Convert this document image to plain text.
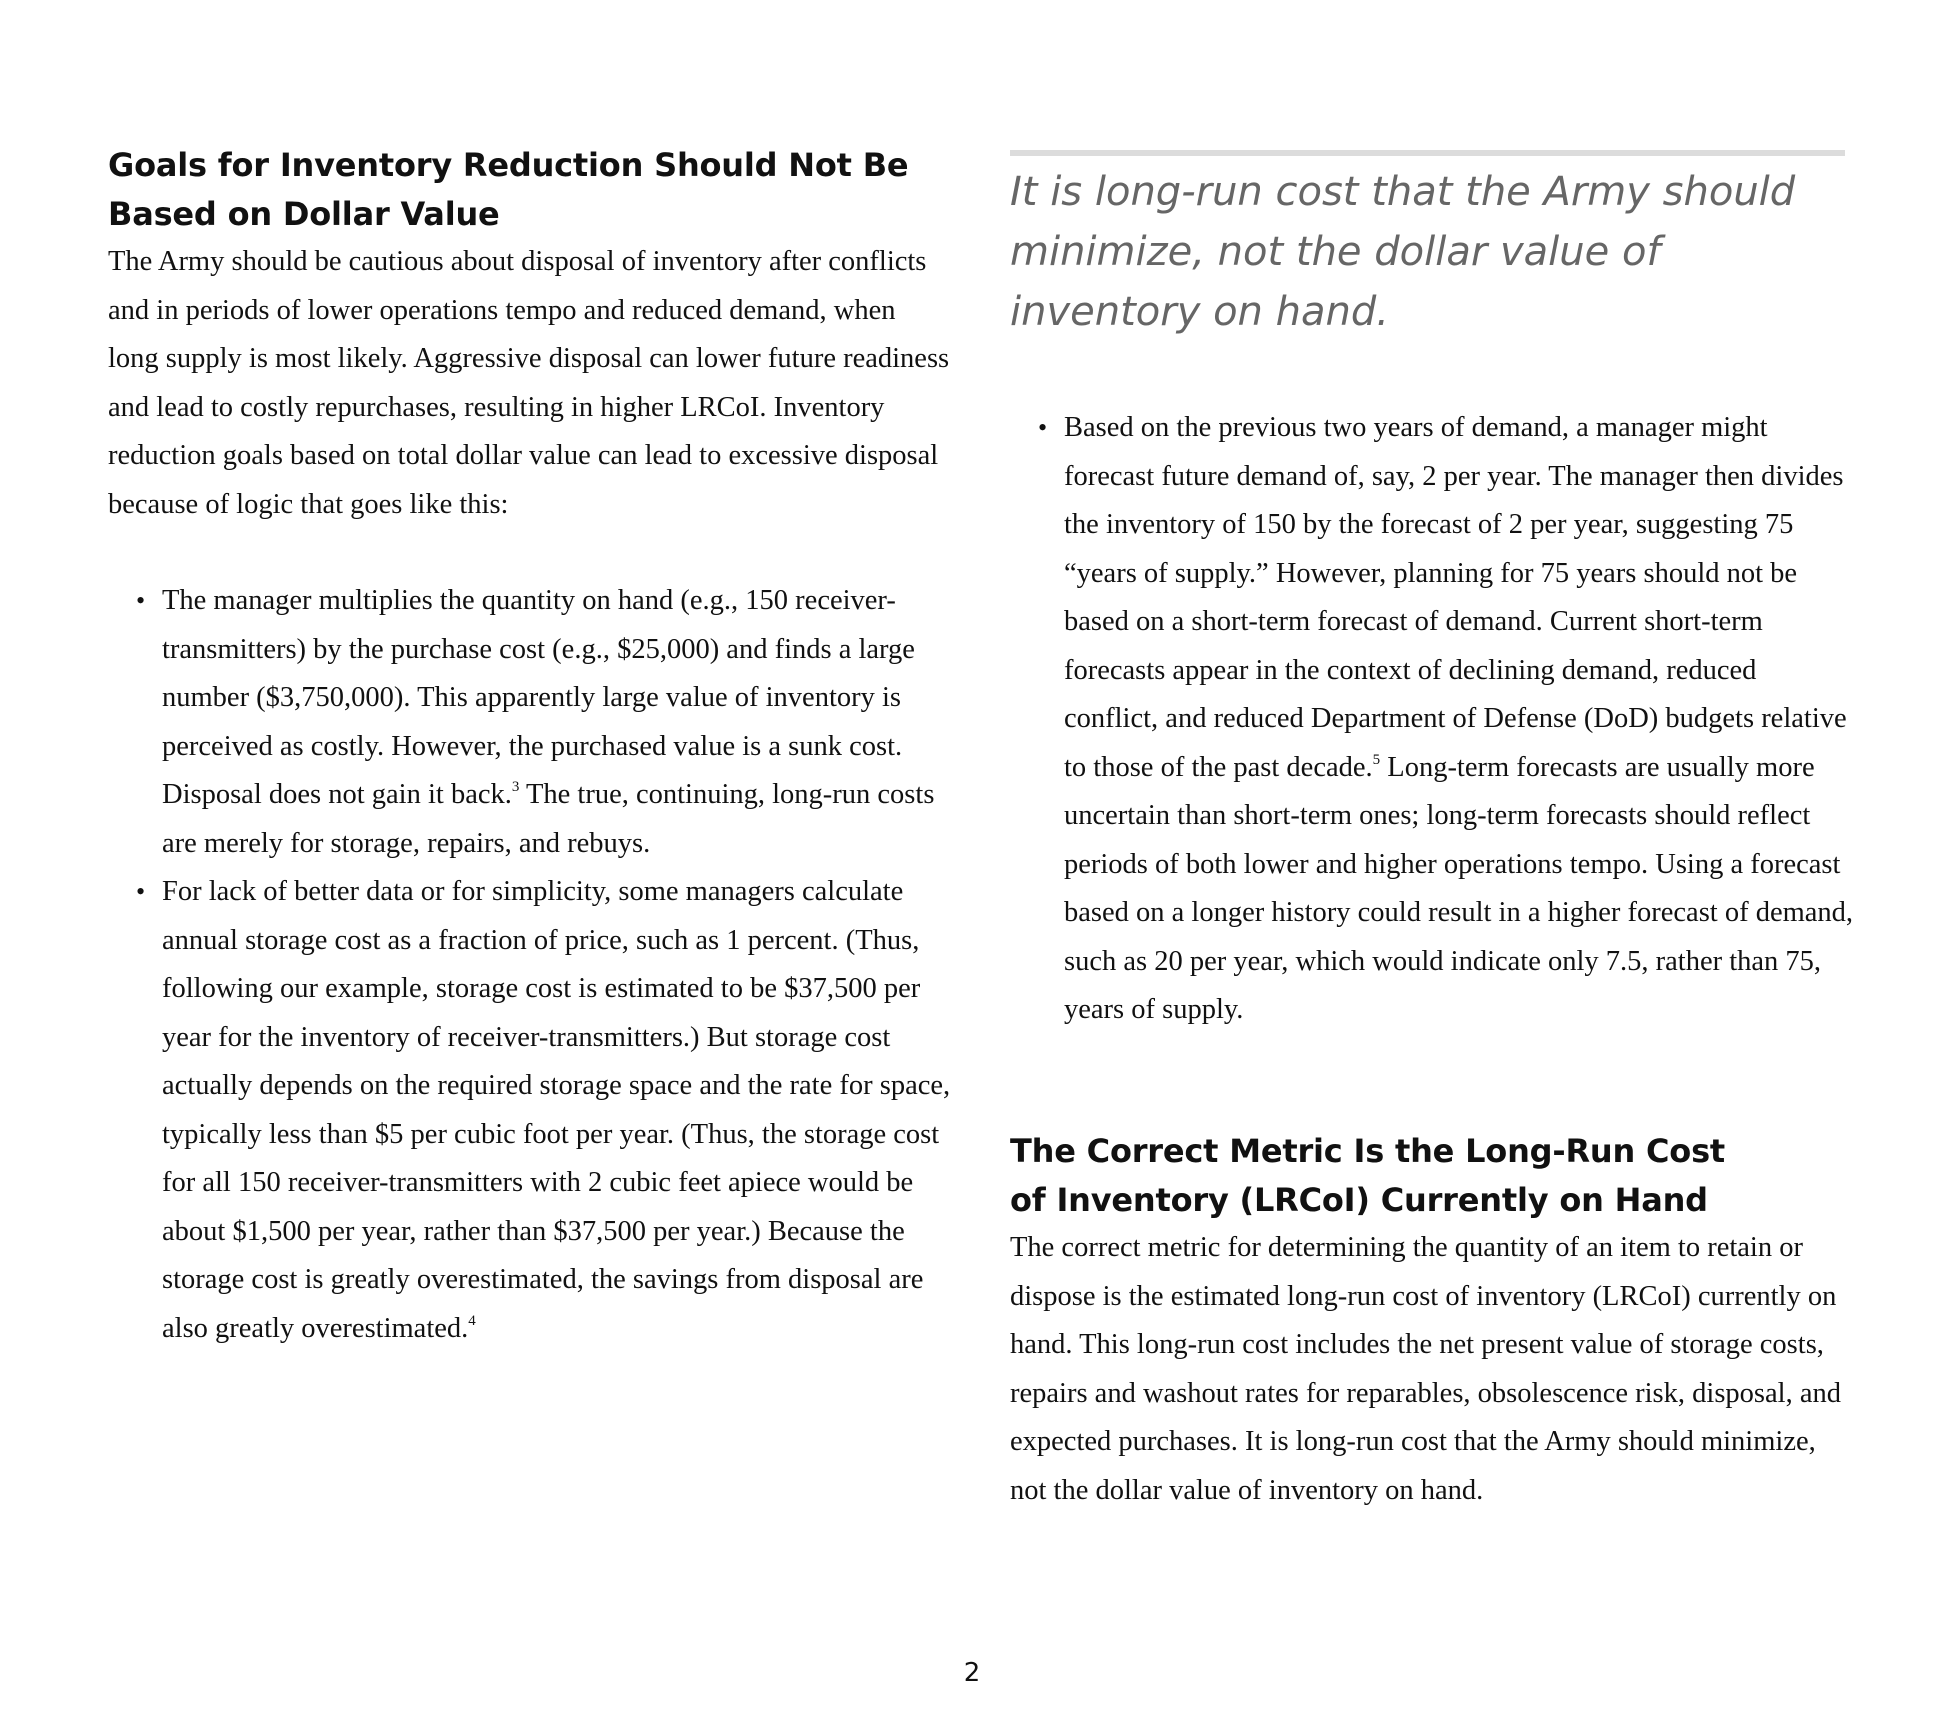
Goals for Inventory Reduction Should Not Be Based on Dollar Value

The Army should be cautious about disposal of inventory after conflicts and in periods of lower operations tempo and reduced demand, when long supply is most likely. Aggressive disposal can lower future readiness and lead to costly repurchases, resulting in higher LRCoI. Inventory reduction goals based on total dollar value can lead to excessive disposal because of logic that goes like this:

• The manager multiplies the quantity on hand (e.g., 150 receiver-transmitters) by the purchase cost (e.g., $25,000) and finds a large number ($3,750,000). This apparently large value of inventory is perceived as costly. However, the purchased value is a sunk cost. Disposal does not gain it back.$^3$ The true, continuing, long-run costs are merely for storage, repairs, and rebuys.
• For lack of better data or for simplicity, some managers calculate annual storage cost as a fraction of price, such as 1 percent. (Thus, following our example, storage cost is estimated to be $37,500 per year for the inventory of receiver-transmitters.) But storage cost actually depends on the required storage space and the rate for space, typically less than $5 per cubic foot per year. (Thus, the storage cost for all 150 receiver-transmitters with 2 cubic feet apiece would be about $1,500 per year, rather than $37,500 per year.) Because the storage cost is greatly overestimated, the savings from disposal are also greatly overestimated.$^4$

It is long-run cost that the Army should minimize, not the dollar value of inventory on hand.

• Based on the previous two years of demand, a manager might forecast future demand of, say, 2 per year. The manager then divides the inventory of 150 by the forecast of 2 per year, suggesting 75 “years of supply.” However, planning for 75 years should not be based on a short-term forecast of demand. Current short-term forecasts appear in the context of declining demand, reduced conflict, and reduced Department of Defense (DoD) budgets relative to those of the past decade.$^5$ Long-term forecasts are usually more uncertain than short-term ones; long-term forecasts should reflect periods of both lower and higher operations tempo. Using a forecast based on a longer history could result in a higher forecast of demand, such as 20 per year, which would indicate only 7.5, rather than 75, years of supply.
The Correct Metric Is the Long-Run Cost of Inventory (LRCoI) Currently on Hand

The correct metric for determining the quantity of an item to retain or dispose is the estimated long-run cost of inventory (LRCoI) currently on hand. This long-run cost includes the net present value of storage costs, repairs and washout rates for reparables, obsolescence risk, disposal, and expected purchases. It is long-run cost that the Army should minimize, not the dollar value of inventory on hand.

2
